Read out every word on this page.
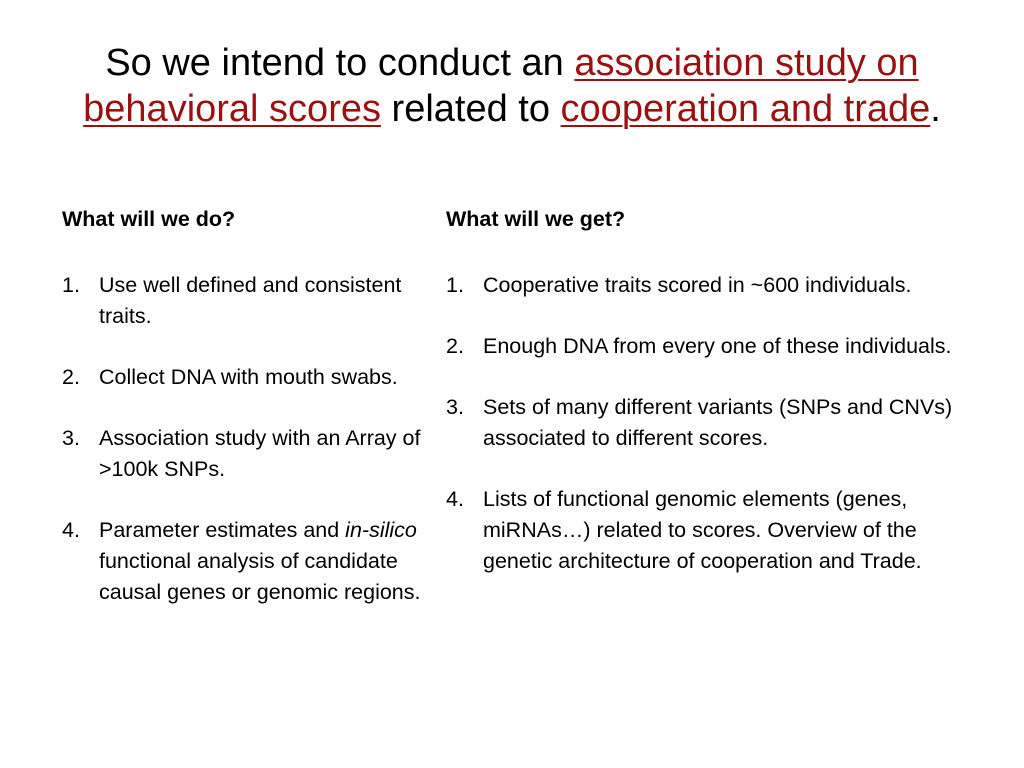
So we intend to conduct an association study on behavioral scores related to cooperation and trade.
What will we do?
1. Use well defined and consistent traits.
2. Collect DNA with mouth swabs.
3. Association study with an Array of >100k SNPs.
4. Parameter estimates and in-silico functional analysis of candidate causal genes or genomic regions.
What will we get?
1. Cooperative traits scored in ~600 individuals.
2. Enough DNA from every one of these individuals.
3. Sets of many different variants (SNPs and CNVs) associated to different scores.
4. Lists of functional genomic elements (genes, miRNAs…) related to scores. Overview of the genetic architecture of cooperation and Trade.
